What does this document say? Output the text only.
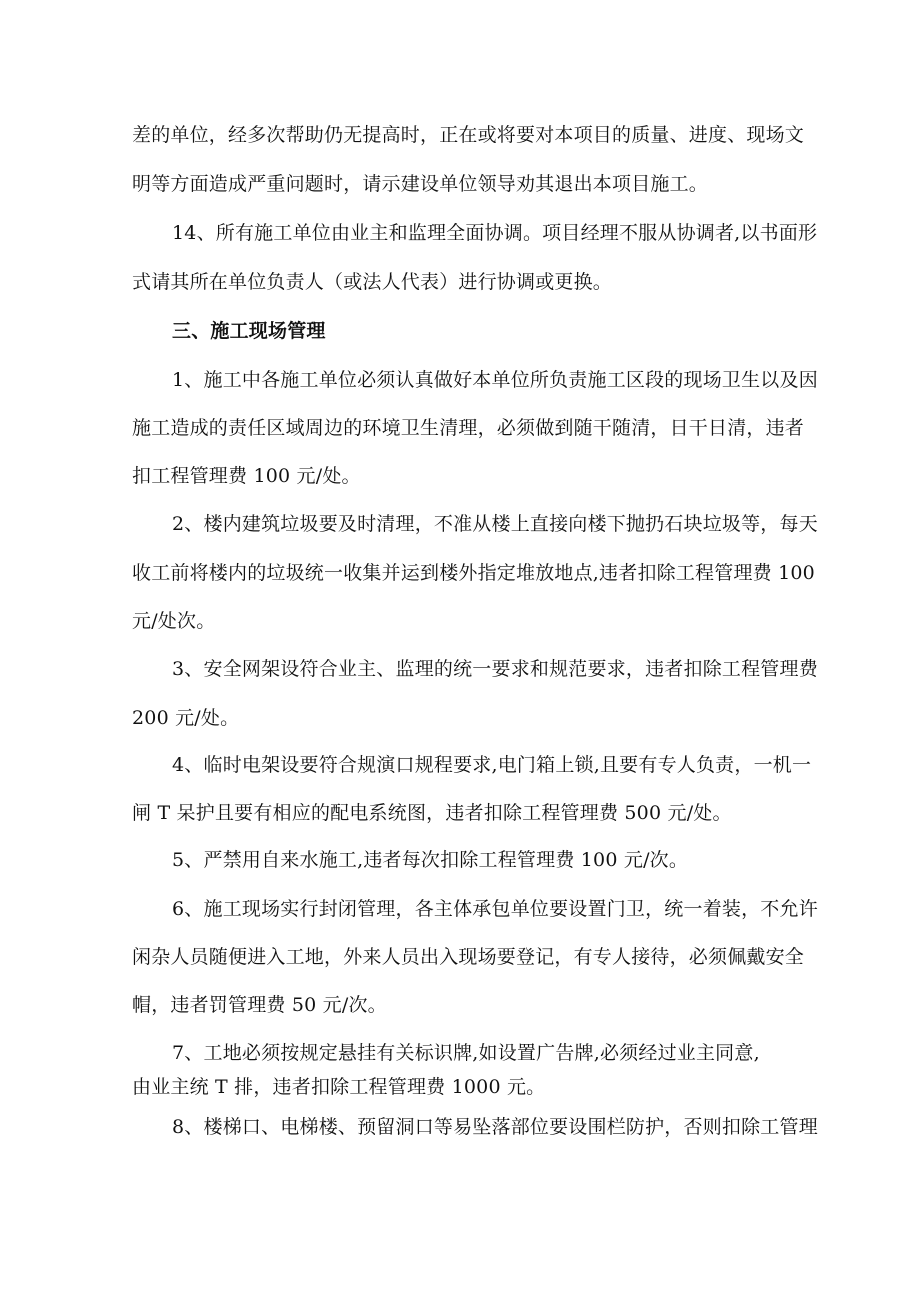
差的单位，经多次帮助仍无提高时，正在或将要对本项目的质量、进度、现场文
明等方面造成严重问题时，请示建设单位领导劝其退出本项目施工。
14、所有施工单位由业主和监理全面协调。项目经理不服从协调者,以书面形
式请其所在单位负责人（或法人代表）进行协调或更换。
三、施工现场管理
1、施工中各施工单位必须认真做好本单位所负责施工区段的现场卫生以及因
施工造成的责任区域周边的环境卫生清理，必须做到随干随清，日干日清，违者
扣工程管理费 100 元/处。
2、楼内建筑垃圾要及时清理，不准从楼上直接向楼下抛扔石块垃圾等，每天
收工前将楼内的垃圾统一收集并运到楼外指定堆放地点,违者扣除工程管理费 100
元/处次。
3、安全网架设符合业主、监理的统一要求和规范要求，违者扣除工程管理费
200 元/处。
4、临时电架设要符合规演口规程要求,电门箱上锁,且要有专人负责，一机一
闸 T 呆护且要有相应的配电系统图，违者扣除工程管理费 500 元/处。
5、严禁用自来水施工,违者每次扣除工程管理费 100 元/次。
6、施工现场实行封闭管理，各主体承包单位要设置门卫，统一着装，不允许
闲杂人员随便进入工地，外来人员出入现场要登记，有专人接待，必须佩戴安全
帽，违者罚管理费 50 元/次。
7、工地必须按规定悬挂有关标识牌,如设置广告牌,必须经过业主同意,
由业主统 T 排，违者扣除工程管理费 1000 元。
8、楼梯口、电梯楼、预留洞口等易坠落部位要设围栏防护，否则扣除工管理
